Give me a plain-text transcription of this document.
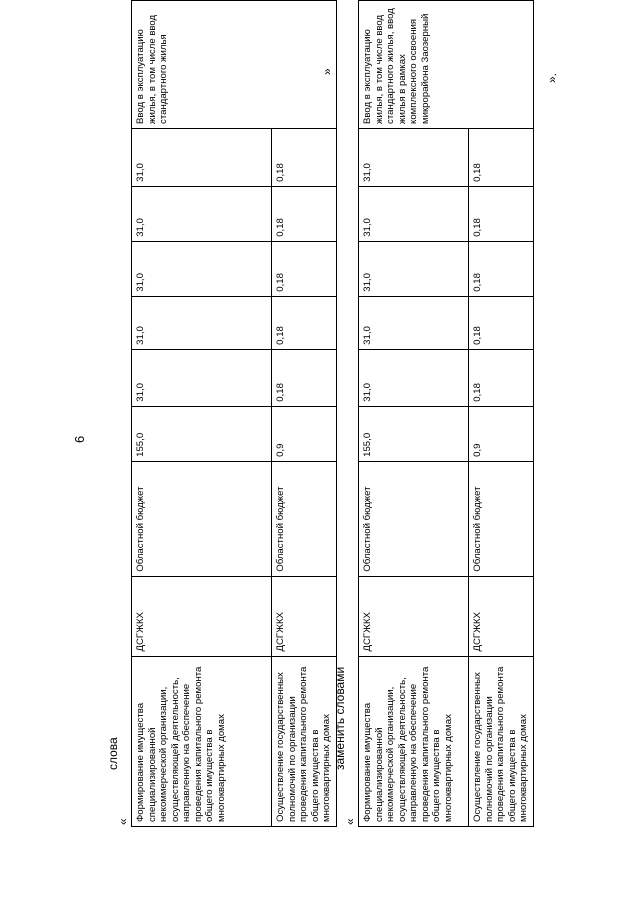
6
слова
« Формирование имущества специализированной некоммерческой организации, осуществляющей деятельность, направленную на обеспечение проведения капитального ремонта общего имущества в многоквартирных домах	ДСГЖКХ	Областной бюджет	155,0	31,0	31,0	31,0	31,0	31,0	Ввод в эксплуатацию жилья, в том числе ввод стандартного жилья
Осуществление государственных полномочий по организации проведения капитального ремонта общего имущества в многоквартирных домах	ДСГЖКХ	Областной бюджет	0,9	0,18	0,18	0,18	0,18	0,18	
»
заменить словами
« Формирование имущества специализированной некоммерческой организации, осуществляющей деятельность, направленную на обеспечение проведения капитального ремонта общего имущества в многоквартирных домах	ДСГЖКХ	Областной бюджет	155,0	31,0	31,0	31,0	31,0	31,0	Ввод в эксплуатацию жилья, в том числе ввод стандартного жилья, ввод жилья в рамках комплексного освоения микрорайона Заозерный
Осуществление государственных полномочий по организации проведения капитального ремонта общего имущества в многоквартирных домах	ДСГЖКХ	Областной бюджет	0,9	0,18	0,18	0,18	0,18	0,18	
».
